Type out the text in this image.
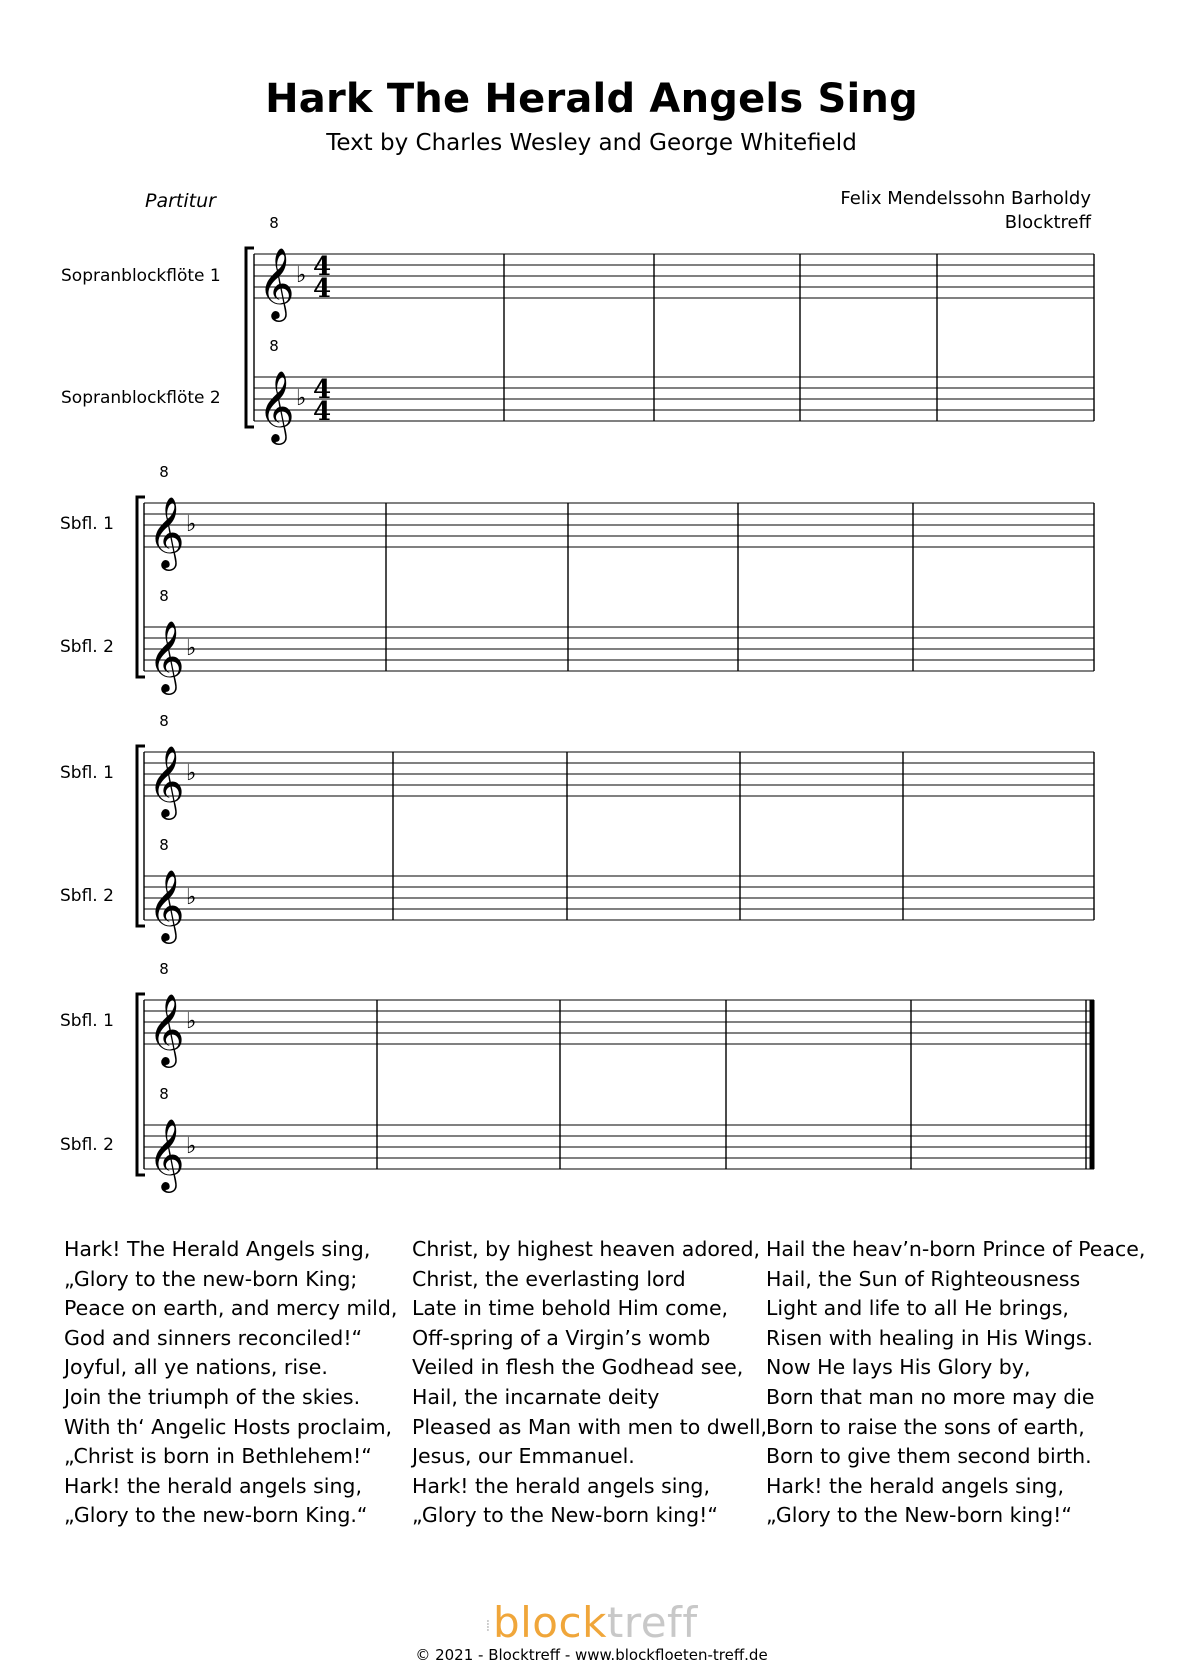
Hark The Herald Angels Sing
Text by Charles Wesley and George Whitefield
Partitur	Felix Mendelssohn Barholdy
Blocktreff
Sopranblockflöte 1
Sopranblockflöte 2
Sbfl. 1
Sbfl. 2
Sbfl. 1
Sbfl. 2
Sbfl. 1
Sbfl. 2
𝄞
8
♭ 4
4
𝄞
8
♭ 4
4
𝄞
8
♭
𝄞
8
♭
𝄞
8
♭
𝄞
8
♭
𝄞
8
♭
𝄞
8
♭
Hark! The Herald Angels sing,
„Glory to the new-born King;
Peace on earth, and mercy mild,
God and sinners reconciled!“
Joyful, all ye nations, rise.
Join the triumph of the skies.
With th‘ Angelic Hosts proclaim,
„Christ is born in Bethlehem!“
Hark! the herald angels sing,
„Glory to the new-born King.“
Christ, by highest heaven adored,
Christ, the everlasting lord
Late in time behold Him come,
Off-spring of a Virgin’s womb
Veiled in flesh the Godhead see,
Hail, the incarnate deity
Pleased as Man with men to dwell,
Jesus, our Emmanuel.
Hark! the herald angels sing,
„Glory to the New-born king!“
Hail the heav’n-born Prince of Peace,
Hail, the Sun of Righteousness
Light and life to all He brings,
Risen with healing in His Wings.
Now He lays His Glory by,
Born that man no more may die
Born to raise the sons of earth,
Born to give them second birth.
Hark! the herald angels sing,
„Glory to the New-born king!“
⁞blocktreff
© 2021 - Blocktreff - www.blockfloeten-treff.de
